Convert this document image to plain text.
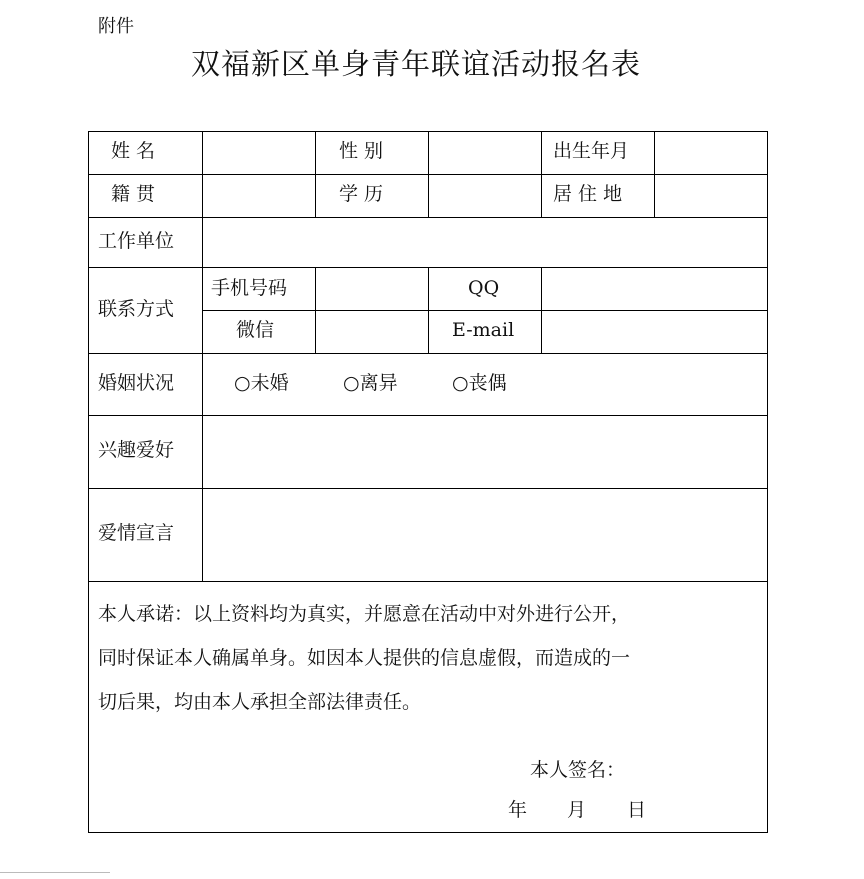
附件
双福新区单身青年联谊活动报名表
姓 名	性 别	出生年月
籍 贯	学 历	居 住 地
工作单位
联系方式
手机号码	QQ
微信	E-mail
婚姻状况	○未婚	○离异	○丧偶
兴趣爱好
爱情宣言
本人承诺：以上资料均为真实，并愿意在活动中对外进行公开，
同时保证本人确属单身。如因本人提供的信息虚假，而造成的一
切后果，均由本人承担全部法律责任。
本人签名：
年 月 日
